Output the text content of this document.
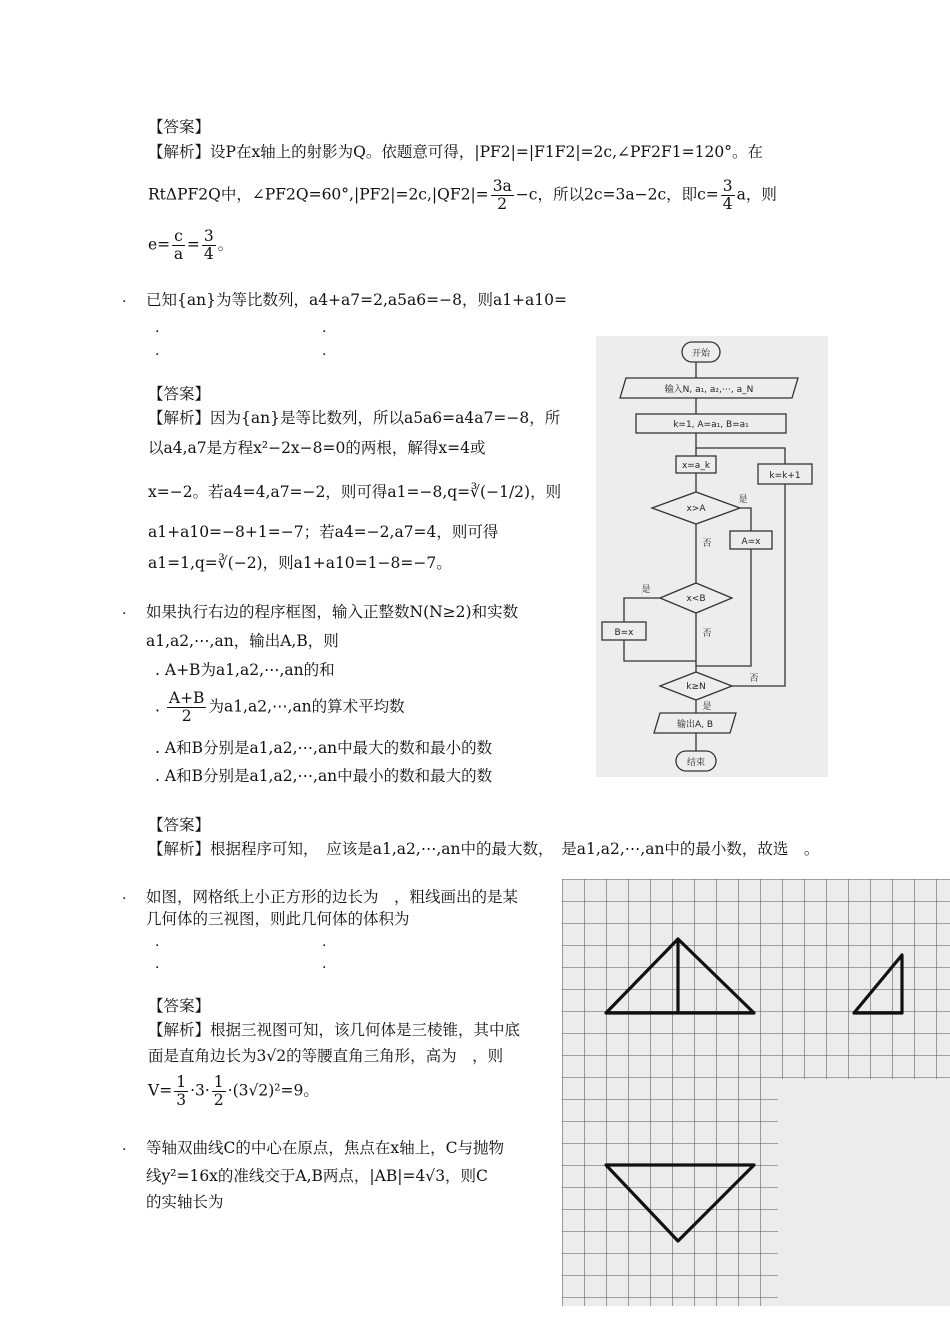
【答案】
【解析】设P在x轴上的射影为Q。依题意可得，|PF2|=|F1F2|=2c,∠PF2F1=120°。在
RtΔPF2Q中，∠PF2Q=60°,|PF2|=2c,|QF2|= $\frac{3a}{2} -c$，所以2c=3a−2c，即$c= \frac{3}{4}$ a，则
$e= \frac{c}{a} = \frac{3}{4}$ 。
. 已知{an}为等比数列，a4+a7=2,a5a6=−8，则a1+a10=
.	.
.	.
【答案】
【解析】因为{an}是等比数列，所以a5a6=a4a7=−8，所
以a4,a7是方程x²−2x−8=0的两根，解得x=4或
x=−2。若a4=4,a7=−2，则可得a1=−8,q=∛(−1/2)，则
a1+a10=−8+1=−7；若a4=−2,a7=4，则可得
a1=1,q=∛(−2)，则a1+a10=1−8=−7。
. 如果执行右边的程序框图，输入正整数N(N≥2)和实数
a1,a2,⋯,an，输出A,B，则
. A+B为a1,a2,⋯,an的和
. $\frac{A+B}{2}$ 为a1,a2,⋯,an的算术平均数
. A和B分别是a1,a2,⋯,an中最大的数和最小的数
. A和B分别是a1,a2,⋯,an中最小的数和最大的数
【答案】
【解析】根据程序可知，　应该是a1,a2,⋯,an中的最大数，　是a1,a2,⋯,an中的最小数，故选　。
开始
输入N, a₁, a₂,⋯, a_N
k=1, A=a₁, B=a₁
x=a_k
k=k+1
x>A
是
A=x
否
x<B
是
B=x	否
k≥N
否
是
输出A, B
结束
. 如图，网格纸上小正方形的边长为　，粗线画出的是某
几何体的三视图，则此几何体的体积为
.	.
.	.
【答案】
【解析】根据三视图可知，该几何体是三棱锥，其中底
面是直角边长为3√2的等腰直角三角形，高为　，则
$V= \frac{1}{3} \cdot 3\cdot \frac{1}{2} \cdot(3√2)^2=9$。
. 等轴双曲线C的中心在原点，焦点在x轴上，C与抛物
线y²=16x的准线交于A,B两点，|AB|=4√3，则C
的实轴长为
